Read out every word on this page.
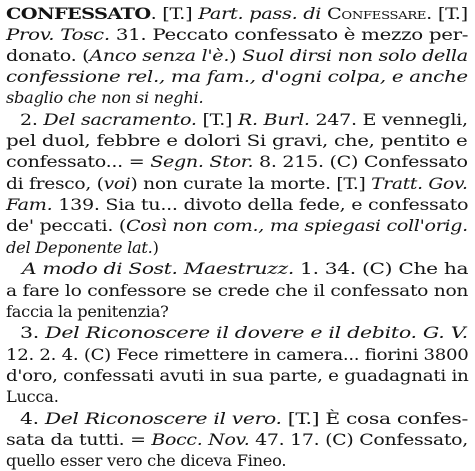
CONFESSATO. [T.] Part. pass. di Confessare. [T.]
Prov. Tosc. 31. Peccato confessato è mezzo per-
donato. (Anco senza l'è.) Suol dirsi non solo della
confessione rel., ma fam., d'ogni colpa, e anche
sbaglio che non si neghi.
2. Del sacramento. [T.] R. Burl. 247. E vennegli,
pel duol, febbre e dolori Si gravi, che, pentito e
confessato... = Segn. Stor. 8. 215. (C) Confessato
di fresco, (voi) non curate la morte. [T.] Tratt. Gov.
Fam. 139. Sia tu... divoto della fede, e confessato
de' peccati. (Così non com., ma spiegasi coll'orig.
del Deponente lat.)
A modo di Sost. Maestruzz. 1. 34. (C) Che ha
a fare lo confessore se crede che il confessato non
faccia la penitenzia?
3. Del Riconoscere il dovere e il debito. G. V.
12. 2. 4. (C) Fece rimettere in camera... fiorini 3800
d'oro, confessati avuti in sua parte, e guadagnati in
Lucca.
4. Del Riconoscere il vero. [T.] È cosa confes-
sata da tutti. = Bocc. Nov. 47. 17. (C) Confessato,
quello esser vero che diceva Fineo.
